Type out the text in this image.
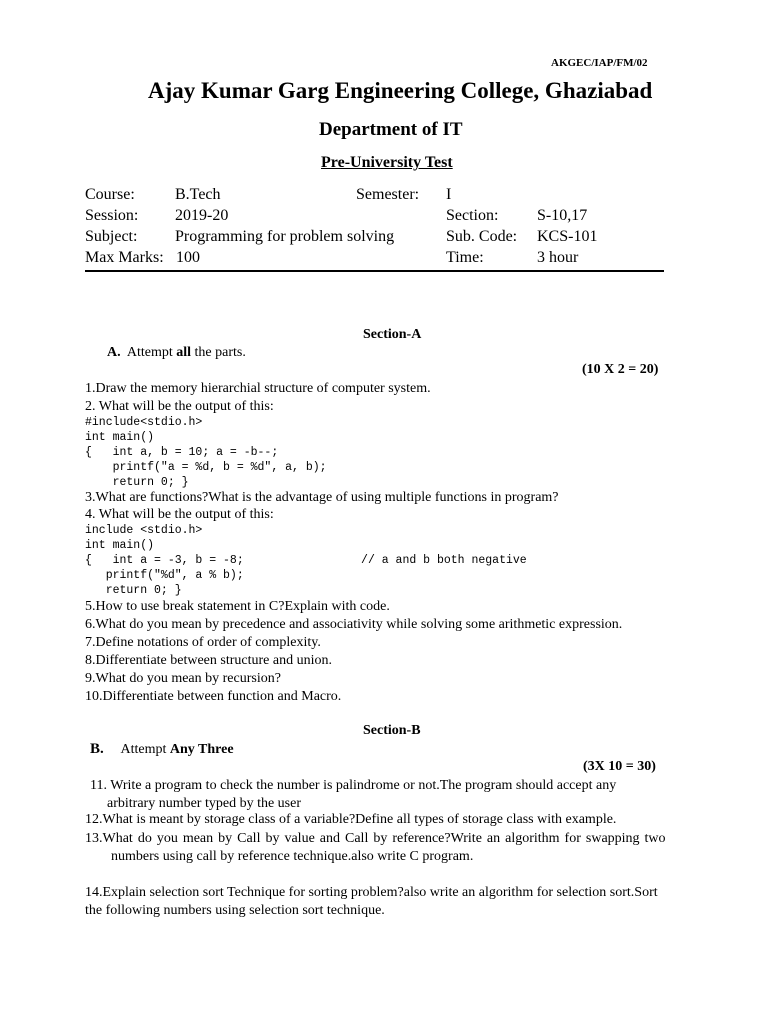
AKGEC/IAP/FM/02
Ajay Kumar Garg Engineering College, Ghaziabad
Department of IT
Pre-University Test
Course:	B.Tech	Semester: I
Session: 2019-20	Section: S-10,17
Subject: Programming for problem solving	Sub. Code: KCS-101
Max Marks: 100	Time:	3 hour
Section-A
A. Attempt all the parts.
(10 X 2 = 20)
1.Draw the memory hierarchial structure of computer system.
2. What will be the output of this:
#include<stdio.h>
int main()
{   int a, b = 10; a = -b--;
printf("a = %d, b = %d", a, b);
return 0; }
3.What are functions?What is the advantage of using multiple functions in program?
4. What will be the output of this:
include <stdio.h>
int main()
{   int a = -3, b = -8;                 // a and b both negative
printf("%d", a % b);
return 0; }
5.How to use break statement in C?Explain with code.
6.What do you mean by precedence and associativity while solving some arithmetic expression.
7.Define notations of order of complexity.
8.Differentiate between structure and union.
9.What do you mean by recursion?
10.Differentiate between function and Macro.
Section-B
B. Attempt Any Three
(3X 10 = 30)
11. Write a program to check the number is palindrome or not.The program should accept any
arbitrary number typed by the user
12.What is meant by storage class of a variable?Define all types of storage class with example.
13.What do you mean by Call by value and Call by reference?Write an algorithm for swapping two
numbers using call by reference technique.also write C program.
14.Explain selection sort Technique for sorting problem?also write an algorithm for selection sort.Sort
the following numbers using selection sort technique.
